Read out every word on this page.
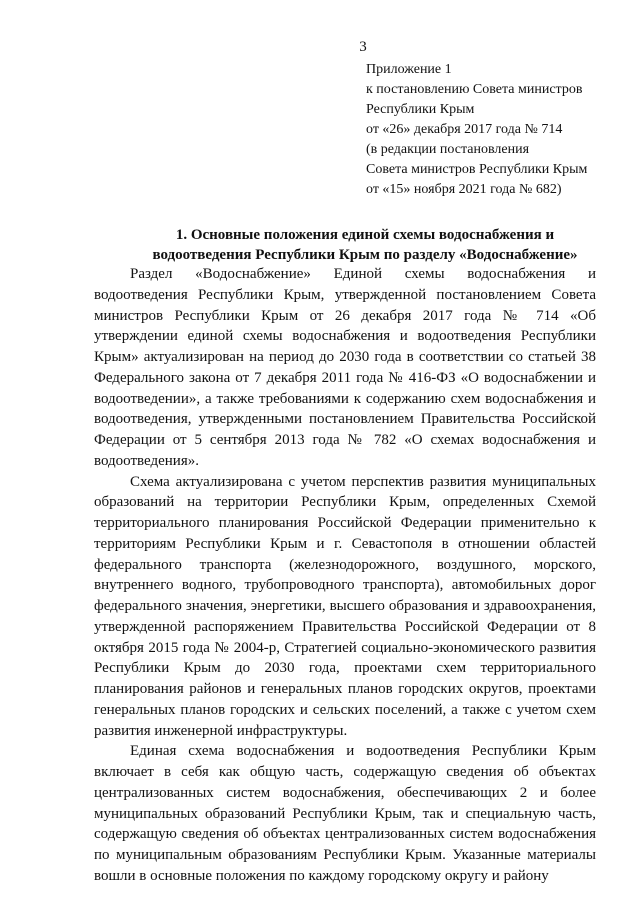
3
Приложение 1
к постановлению Совета министров
Республики Крым
от «26» декабря 2017 года № 714
(в редакции постановления
Совета министров Республики Крым
от «15» ноября 2021 года № 682)
1. Основные положения единой схемы водоснабжения и
водоотведения Республики Крым по разделу «Водоснабжение»

Раздел «Водоснабжение» Единой схемы водоснабжения и водоотведения Республики Крым, утвержденной постановлением Совета министров Республики Крым от 26 декабря 2017 года № 714 «Об утверждении единой схемы водоснабжения и водоотведения Республики Крым» актуализирован на период до 2030 года в соответствии со статьей 38 Федерального закона от 7 декабря 2011 года № 416-ФЗ «О водоснабжении и водоотведении», а также требованиями к содержанию схем водоснабжения и водоотведения, утвержденными постановлением Правительства Российской Федерации от 5 сентября 2013 года № 782 «О схемах водоснабжения и водоотведения».

Схема актуализирована с учетом перспектив развития муниципальных образований на территории Республики Крым, определенных Схемой территориального планирования Российской Федерации применительно к территориям Республики Крым и г. Севастополя в отношении областей федерального транспорта (железнодорожного, воздушного, морского, внутреннего водного, трубопроводного транспорта), автомобильных дорог федерального значения, энергетики, высшего образования и здравоохранения, утвержденной распоряжением Правительства Российской Федерации от 8 октября 2015 года № 2004-р, Стратегией социально-экономического развития Республики Крым до 2030 года, проектами схем территориального планирования районов и генеральных планов городских округов, проектами генеральных планов городских и сельских поселений, а также с учетом схем развития инженерной инфраструктуры.

Единая схема водоснабжения и водоотведения Республики Крым включает в себя как общую часть, содержащую сведения об объектах централизованных систем водоснабжения, обеспечивающих 2 и более муниципальных образований Республики Крым, так и специальную часть, содержащую сведения об объектах централизованных систем водоснабжения по муниципальным образованиям Республики Крым. Указанные материалы вошли в основные положения по каждому городскому округу и району
